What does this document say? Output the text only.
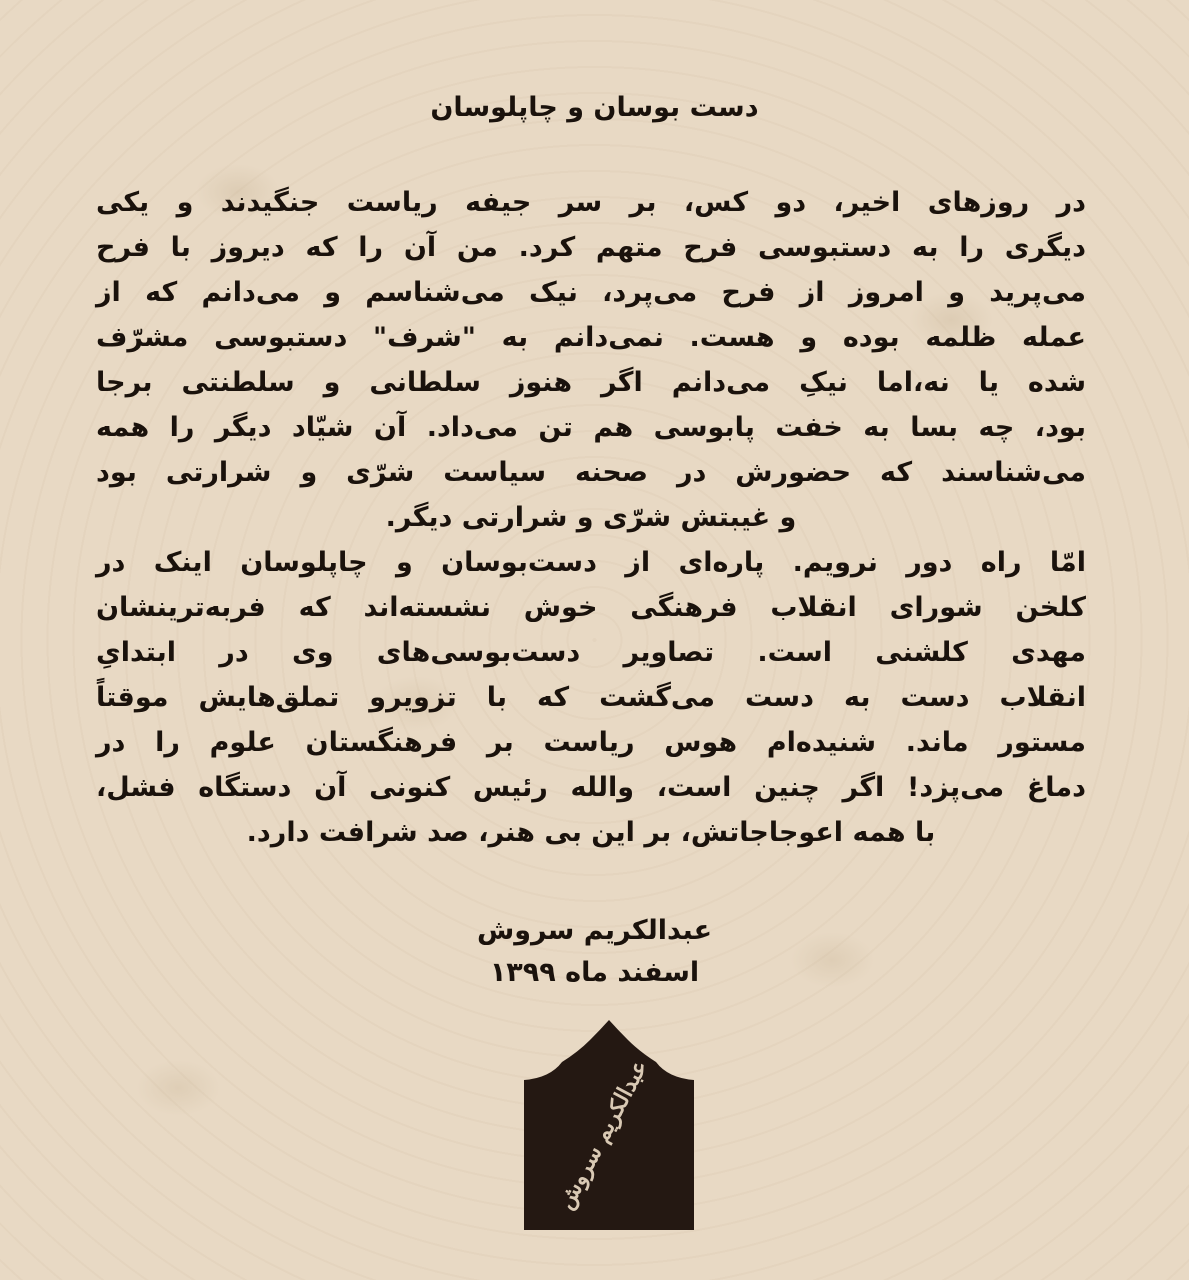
دست بوسان و چاپلوسان
در روزهای اخیر، دو کس، بر سر جیفه ریاست جنگیدند و یکی
دیگری را به دستبوسی فرح متهم کرد. من آن را که دیروز با فرح
می‌پرید و امروز از فرح می‌پرد، نیک می‌شناسم و می‌دانم که از
عمله ظلمه بوده و هست. نمی‌دانم به "شرف" دستبوسی مشرّف
شده یا نه،اما نیکِ می‌دانم اگر هنوز سلطانی و سلطنتی برجا
بود، چه بسا به خفت پابوسی هم تن می‌داد. آن شیّاد دیگر را همه
می‌شناسند که حضورش در صحنه سیاست شرّی و شرارتی بود
و غیبتش شرّی و شرارتی دیگر.
امّا راه دور نرویم. پاره‌ای از دست‌بوسان و چاپلوسان اینک در
کلخن شورای انقلاب فرهنگی خوش نشسته‌اند که فربه‌ترینشان
مهدی کلشنی است. تصاویر دست‌بوسی‌های وی در ابتدایِ
انقلاب دست به دست می‌گشت که با تزویرو تملق‌هایش موقتاً
مستور ماند. شنیده‌ام هوس ریاست بر فرهنگستان علوم را در
دماغ می‌پزد! اگر چنین است، والله رئیس کنونی آن دستگاه فشل،
با همه اعوجاجاتش، بر این بی هنر، صد شرافت دارد.
عبدالکریم سروش
اسفند ماه ۱۳۹۹
عبدالکریم سروش
